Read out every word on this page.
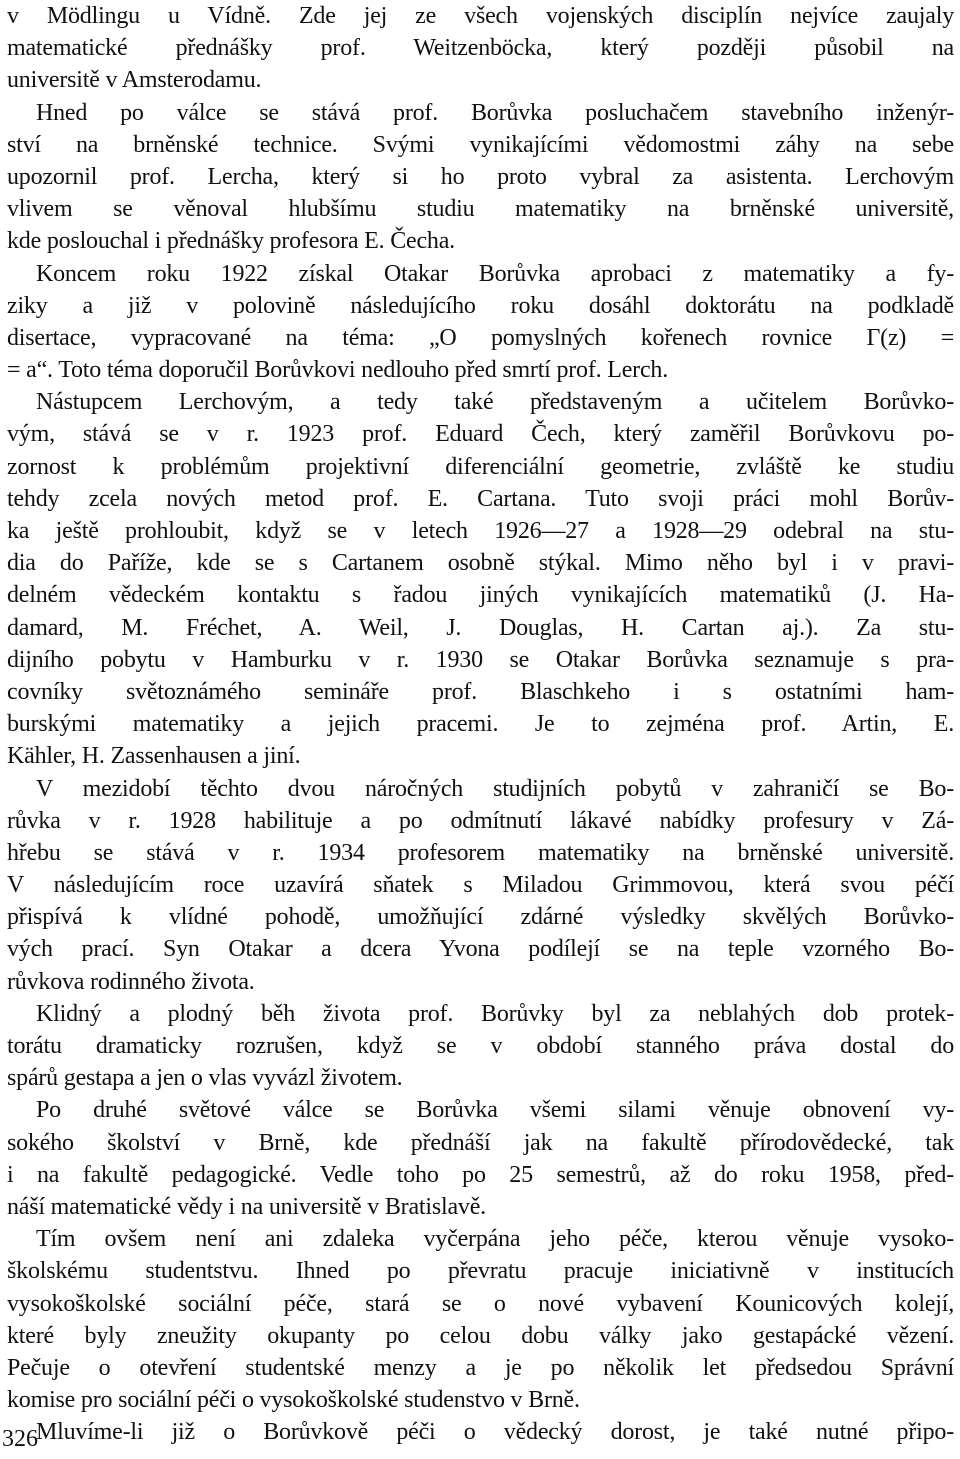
v Mödlingu u Vídně. Zde jej ze všech vojenských disciplín nejvíce zaujaly
matematické přednášky prof. Weitzenböcka, který později působil na
universitě v Amsterodamu.
Hned po válce se stává prof. Borůvka posluchačem stavebního inženýr-
ství na brněnské technice. Svými vynikajícími vědomostmi záhy na sebe
upozornil prof. Lercha, který si ho proto vybral za asistenta. Lerchovým
vlivem se věnoval hlubšímu studiu matematiky na brněnské universitě,
kde poslouchal i přednášky profesora E. Čecha.
Koncem roku 1922 získal Otakar Borůvka aprobaci z matematiky a fy-
ziky a již v polovině následujícího roku dosáhl doktorátu na podkladě
disertace, vypracované na téma: „O pomyslných kořenech rovnice Γ(z) =
= a“. Toto téma doporučil Borůvkovi nedlouho před smrtí prof. Lerch.
Nástupcem Lerchovým, a tedy také představeným a učitelem Borůvko-
vým, stává se v r. 1923 prof. Eduard Čech, který zaměřil Borůvkovu po-
zornost k problémům projektivní diferenciální geometrie, zvláště ke studiu
tehdy zcela nových metod prof. E. Cartana. Tuto svoji práci mohl Borův-
ka ještě prohloubit, když se v letech 1926—27 a 1928—29 odebral na stu-
dia do Paříže, kde se s Cartanem osobně stýkal. Mimo něho byl i v pravi-
delném vědeckém kontaktu s řadou jiných vynikajících matematiků (J. Ha-
damard, M. Fréchet, A. Weil, J. Douglas, H. Cartan aj.). Za stu-
dijního pobytu v Hamburku v r. 1930 se Otakar Borůvka seznamuje s pra-
covníky světoznámého semináře prof. Blaschkeho i s ostatními ham-
burskými matematiky a jejich pracemi. Je to zejména prof. Artin, E.
Kähler, H. Zassenhausen a jiní.
V mezidobí těchto dvou náročných studijních pobytů v zahraničí se Bo-
růvka v r. 1928 habilituje a po odmítnutí lákavé nabídky profesury v Zá-
hřebu se stává v r. 1934 profesorem matematiky na brněnské universitě.
V následujícím roce uzavírá sňatek s Miladou Grimmovou, která svou péčí
přispívá k vlídné pohodě, umožňující zdárné výsledky skvělých Borůvko-
vých prací. Syn Otakar a dcera Yvona podílejí se na teple vzorného Bo-
růvkova rodinného života.
Klidný a plodný běh života prof. Borůvky byl za neblahých dob protek-
torátu dramaticky rozrušen, když se v období stanného práva dostal do
spárů gestapa a jen o vlas vyvázl životem.
Po druhé světové válce se Borůvka všemi silami věnuje obnovení vy-
sokého školství v Brně, kde přednáší jak na fakultě přírodovědecké, tak
i na fakultě pedagogické. Vedle toho po 25 semestrů, až do roku 1958, před-
náší matematické vědy i na universitě v Bratislavě.
Tím ovšem není ani zdaleka vyčerpána jeho péče, kterou věnuje vysoko-
školskému studentstvu. Ihned po převratu pracuje iniciativně v institucích
vysokoškolské sociální péče, stará se o nové vybavení Kounicových kolejí,
které byly zneužity okupanty po celou dobu války jako gestapácké vězení.
Pečuje o otevření studentské menzy a je po několik let předsedou Správní
komise pro sociální péči o vysokoškolské studenstvo v Brně.
Mluvíme-li již o Borůvkově péči o vědecký dorost, je také nutné připo-
326
